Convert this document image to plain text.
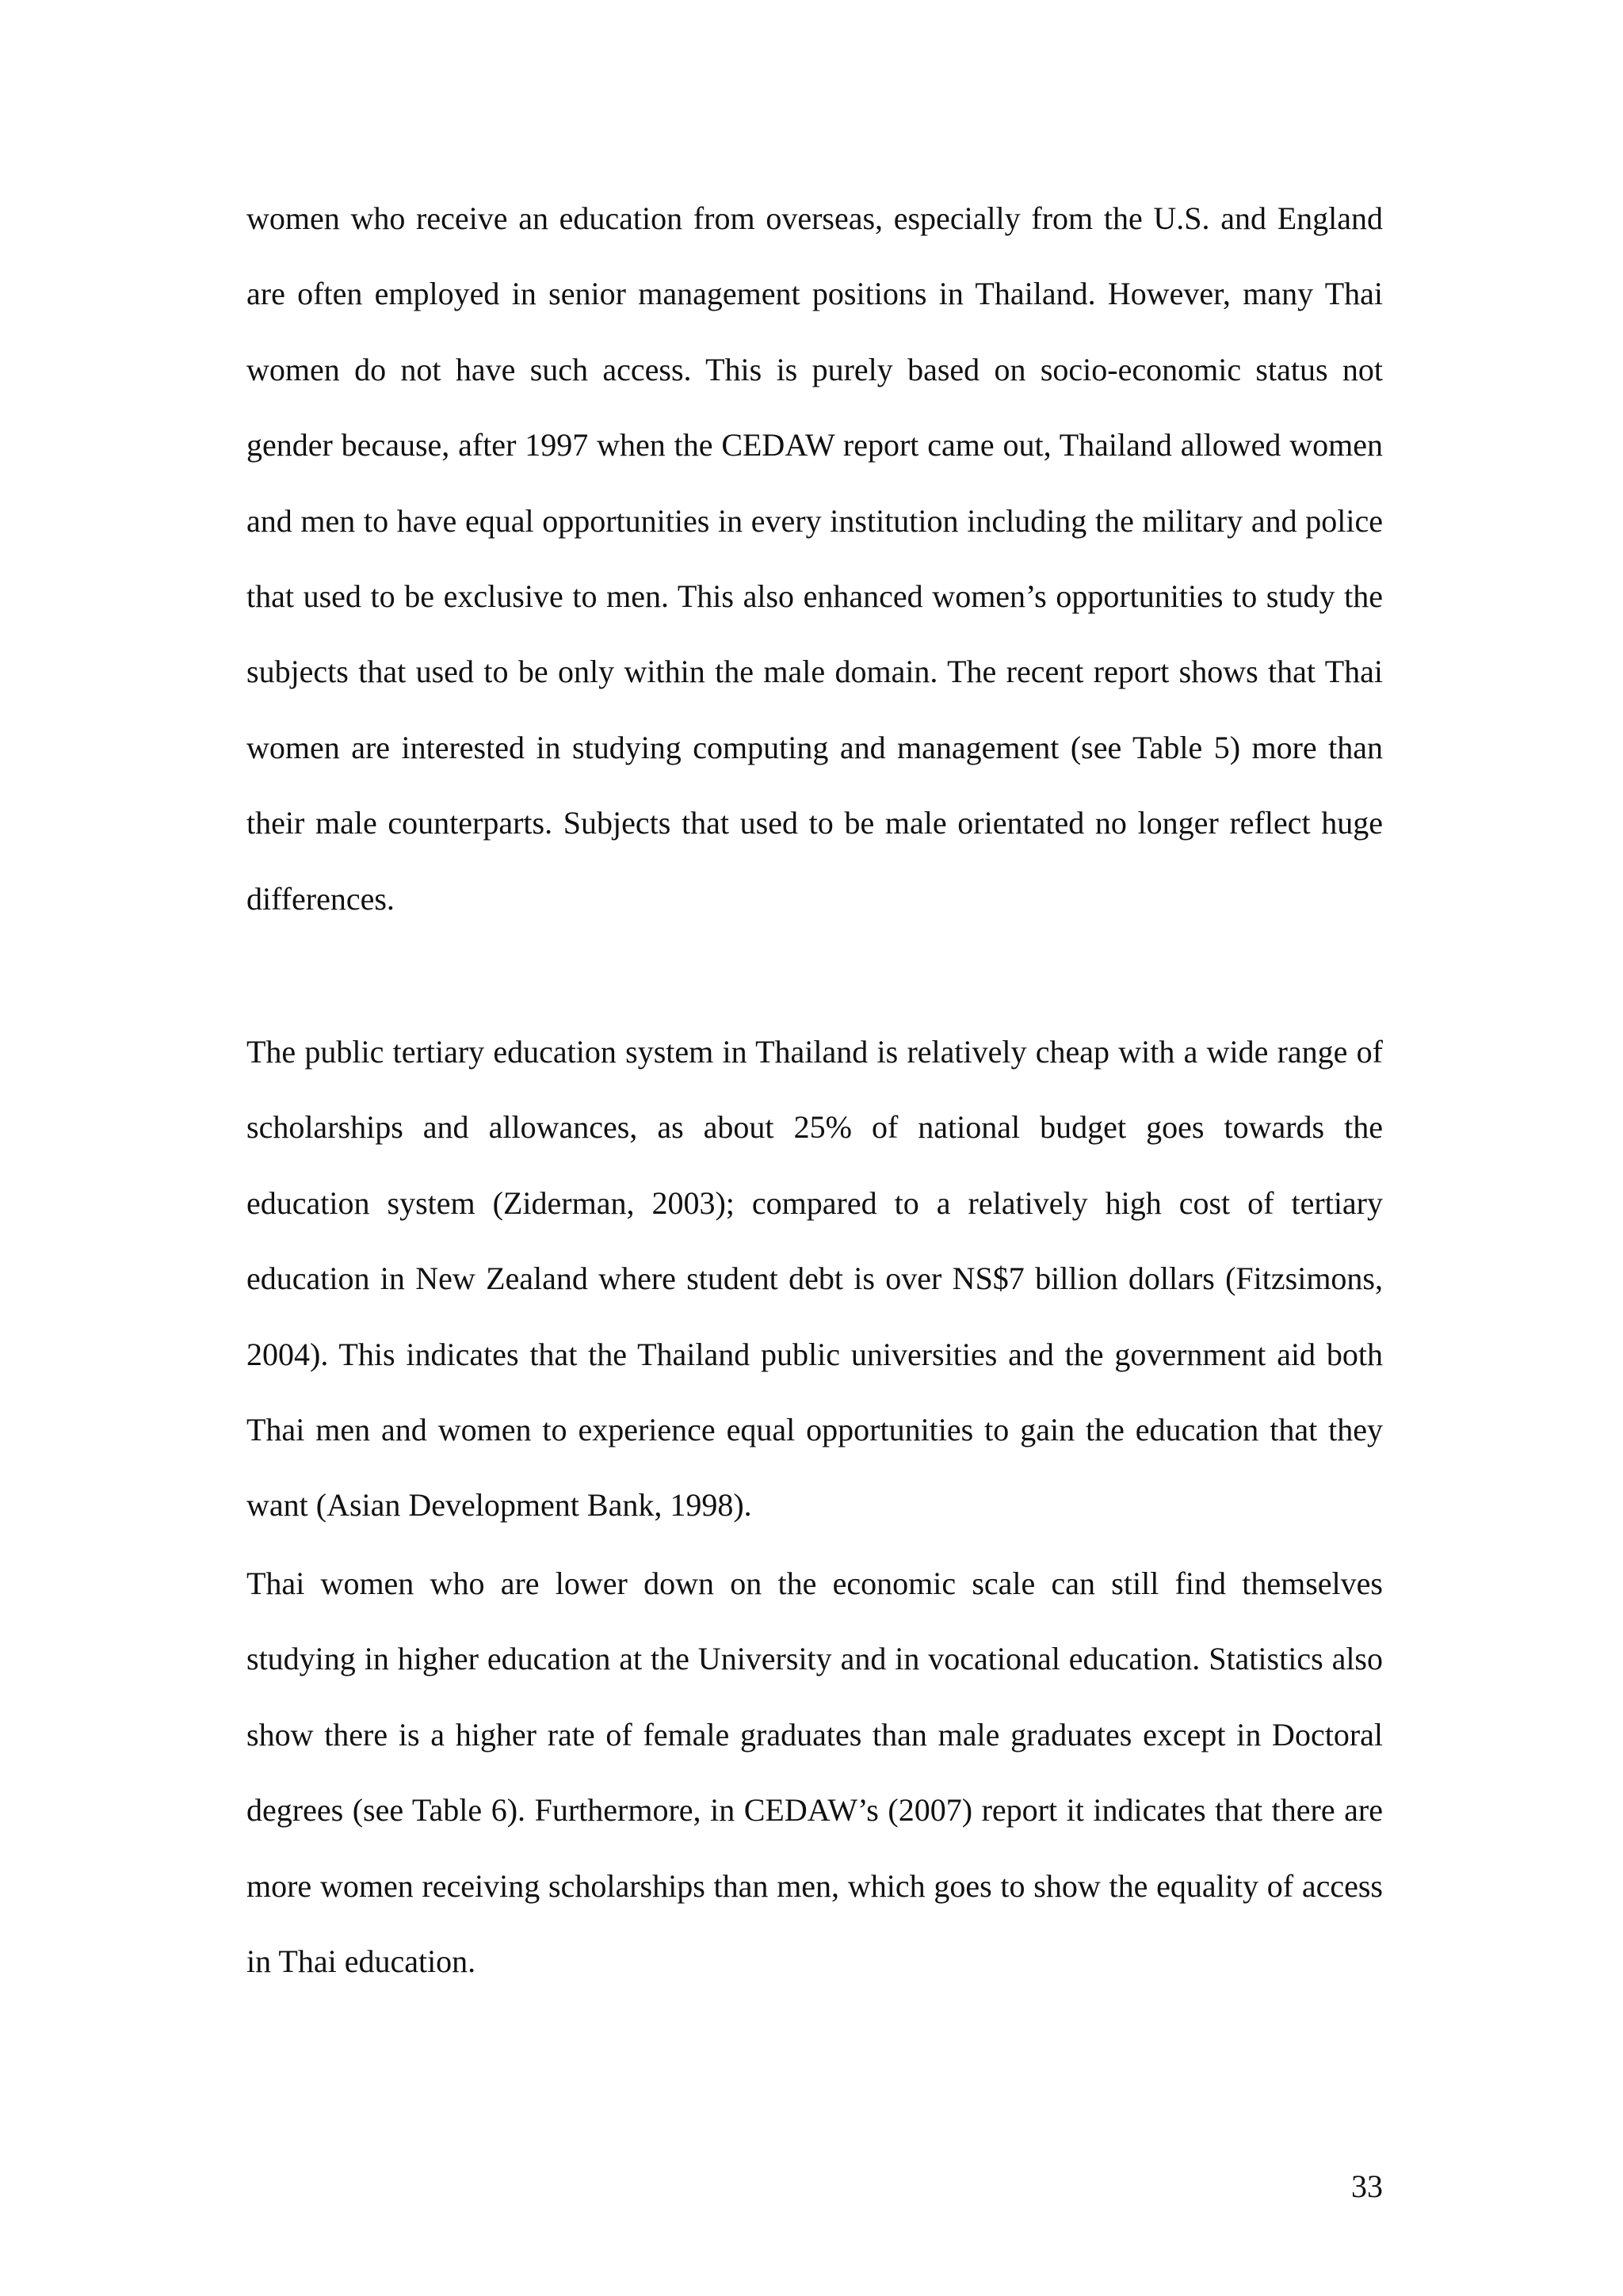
women who receive an education from overseas, especially from the U.S. and England are often employed in senior management positions in Thailand. However, many Thai women do not have such access. This is purely based on socio-economic status not gender because, after 1997 when the CEDAW report came out, Thailand allowed women and men to have equal opportunities in every institution including the military and police that used to be exclusive to men. This also enhanced women’s opportunities to study the subjects that used to be only within the male domain. The recent report shows that Thai women are interested in studying computing and management (see Table 5) more than their male counterparts. Subjects that used to be male orientated no longer reflect huge differences.

The public tertiary education system in Thailand is relatively cheap with a wide range of scholarships and allowances, as about 25% of national budget goes towards the education system (Ziderman, 2003); compared to a relatively high cost of tertiary education in New Zealand where student debt is over NS$7 billion dollars (Fitzsimons, 2004). This indicates that the Thailand public universities and the government aid both Thai men and women to experience equal opportunities to gain the education that they want (Asian Development Bank, 1998).

Thai women who are lower down on the economic scale can still find themselves studying in higher education at the University and in vocational education. Statistics also show there is a higher rate of female graduates than male graduates except in Doctoral degrees (see Table 6). Furthermore, in CEDAW’s (2007) report it indicates that there are more women receiving scholarships than men, which goes to show the equality of access in Thai education.

33
